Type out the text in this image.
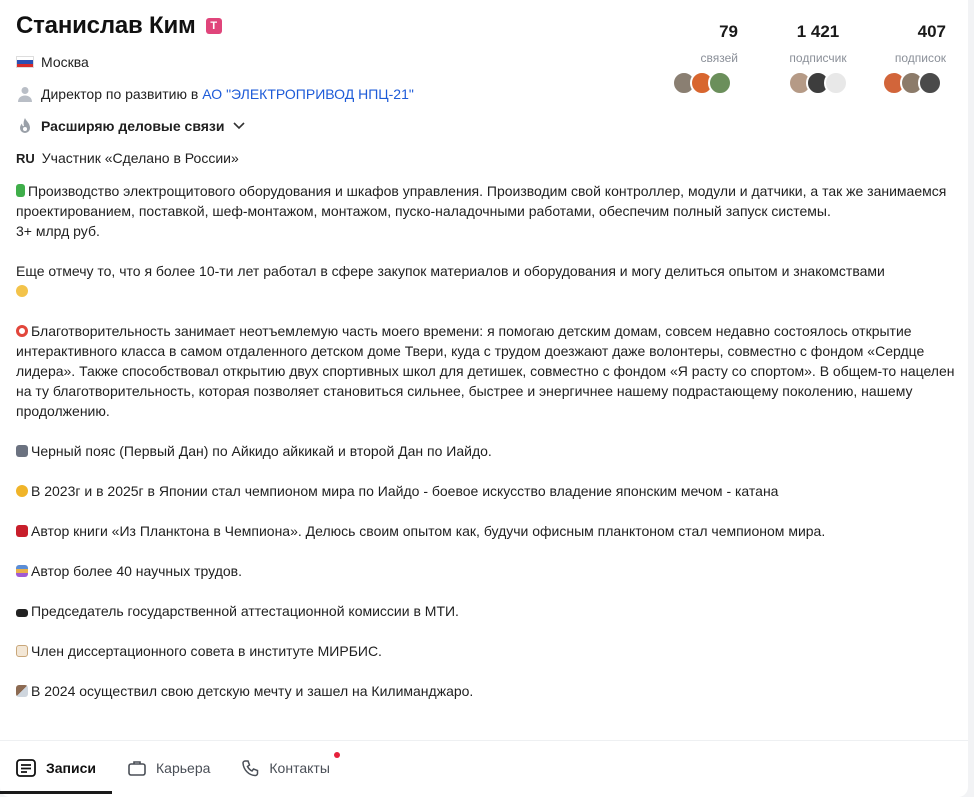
Станислав Ким	T
Москва
Директор по развитию в АО "ЭЛЕКТРОПРИВОД НПЦ-21"
Расширяю деловые связи
RU Участник «Сделано в России»
79
связей
1 421
подписчик
407
подписок

Производство электрощитового оборудования и шкафов управления. Производим свой контроллер, модули и датчики, а так же занимаемся проектированием, поставкой, шеф-монтажом, монтажом, пуско-наладочными работами, обеспечим полный запуск системы.
3+ млрд руб.

Еще отмечу то, что я более 10-ти лет работал в сфере закупок материалов и оборудования и могу делиться опытом и знакомствами

Благотворительность занимает неотъемлемую часть моего времени: я помогаю детским домам, совсем недавно состоялось открытие интерактивного класса в самом отдаленного детском доме Твери, куда с трудом доезжают даже волонтеры, совместно с фондом «Сердце лидера». Также способствовал открытию двух спортивных школ для детишек, совместно с фондом «Я расту со спортом». В общем-то нацелен на ту благотворительность, которая позволяет становиться сильнее, быстрее и энергичнее нашему подрастающему поколению, нашему продолжению.

Черный пояс (Первый Дан) по Айкидо айкикай и второй Дан по Иайдо.

В 2023г и в 2025г в Японии стал чемпионом мира по Иайдо - боевое искусство владение японским мечом - катана

Автор книги «Из Планктона в Чемпиона». Делюсь своим опытом как, будучи офисным планктоном стал чемпионом мира.

Автор более 40 научных трудов.

Председатель государственной аттестационной комиссии в МТИ.

Член диссертационного совета в институте МИРБИС.

В 2024 осуществил свою детскую мечту и зашел на Килиманджаро.

Записи	Карьера	Контакты
